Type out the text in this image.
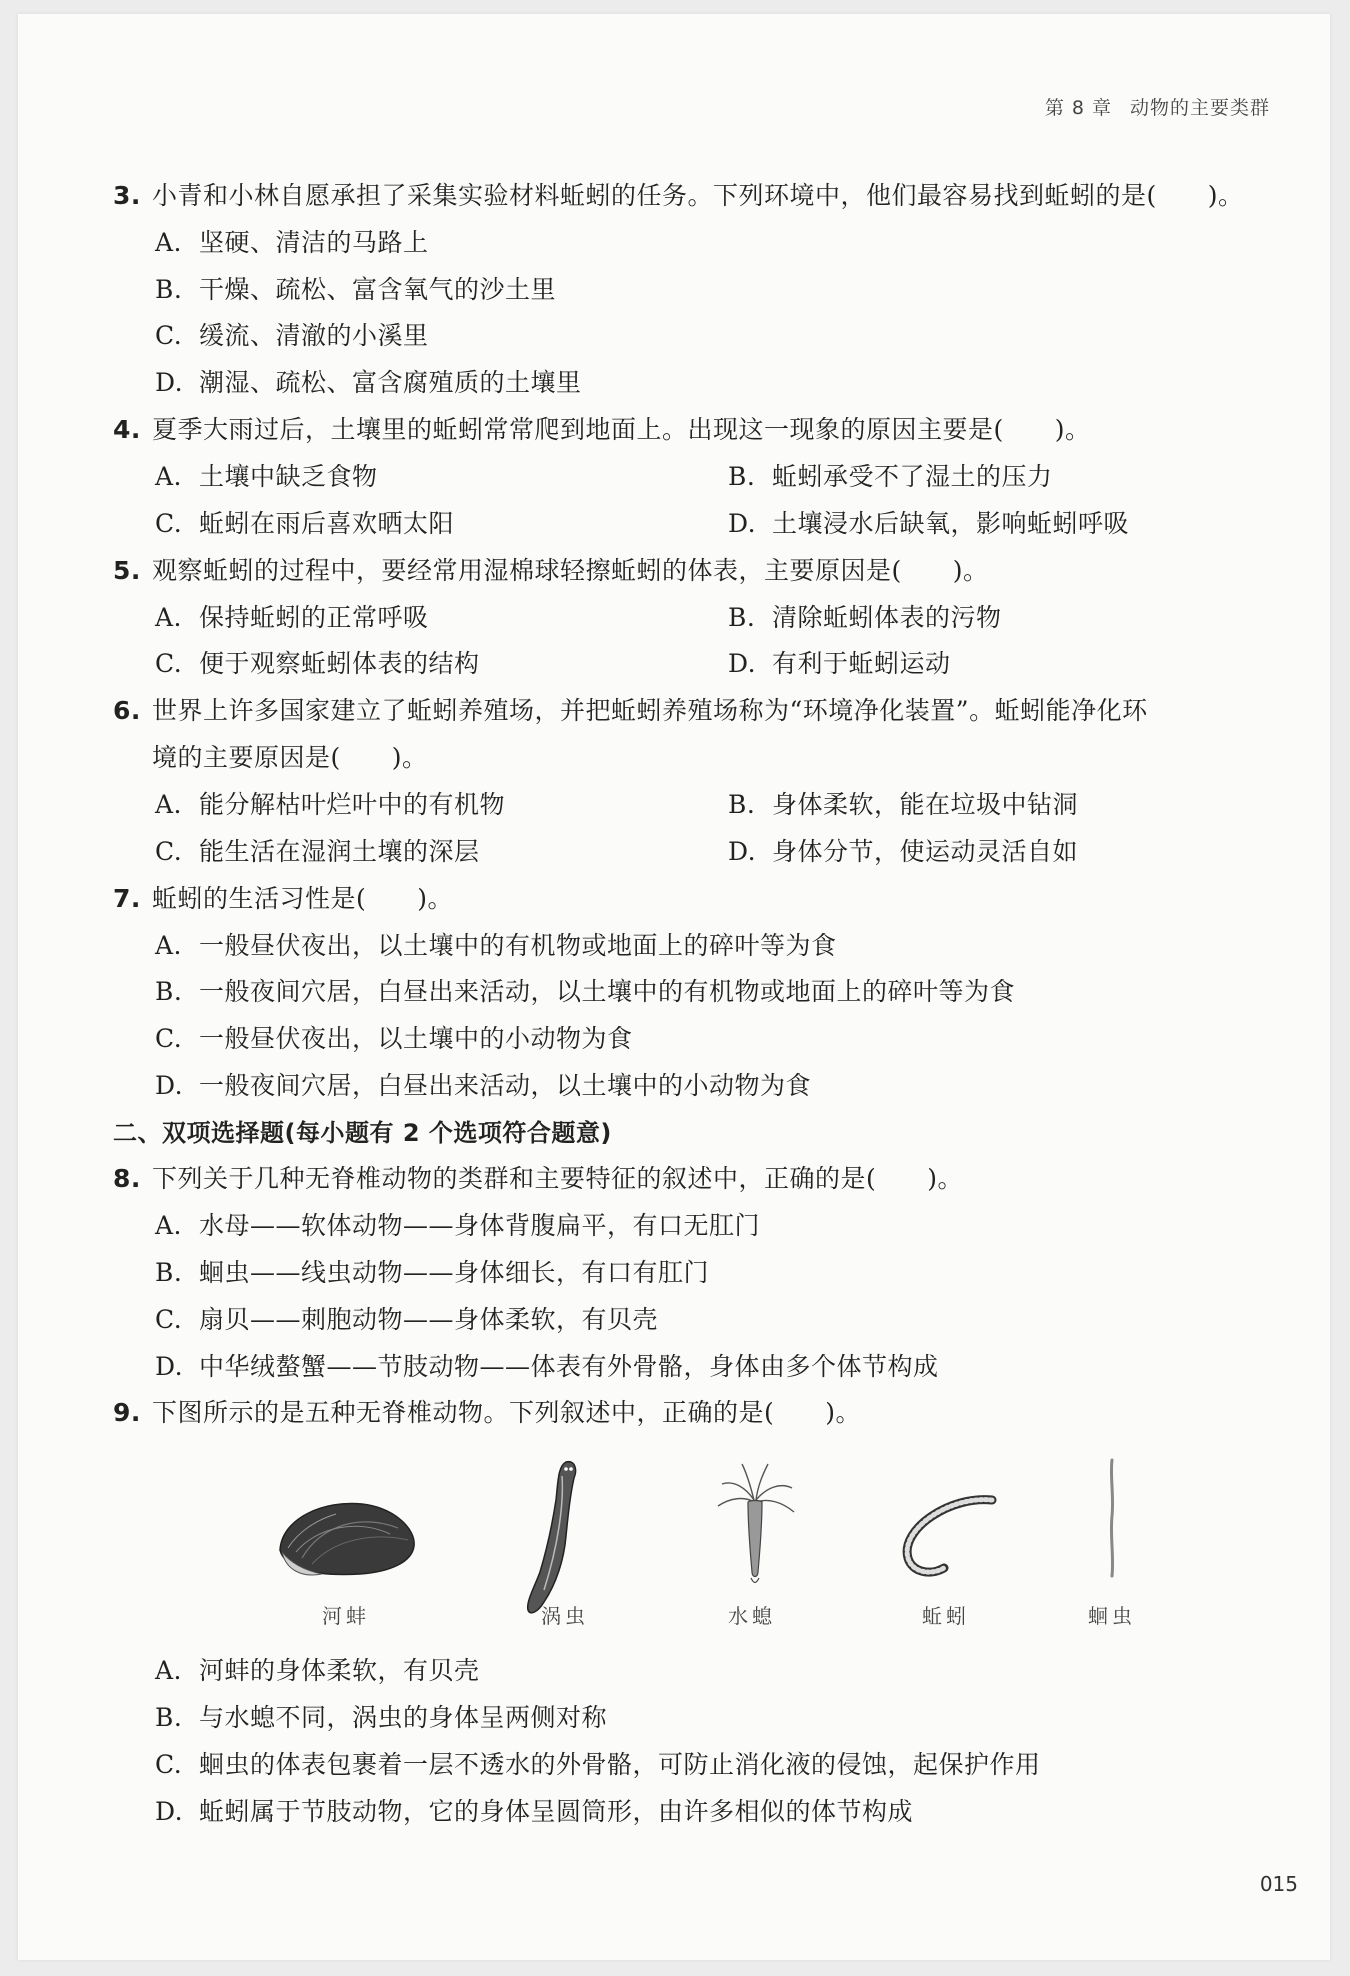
第 8 章 动物的主要类群
3. 小青和小林自愿承担了采集实验材料蚯蚓的任务。下列环境中，他们最容易找到蚯蚓的是(　　)。
A. 坚硬、清洁的马路上
B. 干燥、疏松、富含氧气的沙土里
C. 缓流、清澈的小溪里
D. 潮湿、疏松、富含腐殖质的土壤里
4. 夏季大雨过后，土壤里的蚯蚓常常爬到地面上。出现这一现象的原因主要是(　　)。
A. 土壤中缺乏食物	B. 蚯蚓承受不了湿土的压力
C. 蚯蚓在雨后喜欢晒太阳	D. 土壤浸水后缺氧，影响蚯蚓呼吸
5. 观察蚯蚓的过程中，要经常用湿棉球轻擦蚯蚓的体表，主要原因是(　　)。
A. 保持蚯蚓的正常呼吸	B. 清除蚯蚓体表的污物
C. 便于观察蚯蚓体表的结构	D. 有利于蚯蚓运动
6. 世界上许多国家建立了蚯蚓养殖场，并把蚯蚓养殖场称为“环境净化装置”。蚯蚓能净化环
境的主要原因是(　　)。
A. 能分解枯叶烂叶中的有机物	B. 身体柔软，能在垃圾中钻洞
C. 能生活在湿润土壤的深层	D. 身体分节，使运动灵活自如
7. 蚯蚓的生活习性是(　　)。
A. 一般昼伏夜出，以土壤中的有机物或地面上的碎叶等为食
B. 一般夜间穴居，白昼出来活动，以土壤中的有机物或地面上的碎叶等为食
C. 一般昼伏夜出，以土壤中的小动物为食
D. 一般夜间穴居，白昼出来活动，以土壤中的小动物为食
二、双项选择题(每小题有 2 个选项符合题意)
8. 下列关于几种无脊椎动物的类群和主要特征的叙述中，正确的是(　　)。
A. 水母——软体动物——身体背腹扁平，有口无肛门
B. 蛔虫——线虫动物——身体细长，有口有肛门
C. 扇贝——刺胞动物——身体柔软，有贝壳
D. 中华绒螯蟹——节肢动物——体表有外骨骼，身体由多个体节构成
9. 下图所示的是五种无脊椎动物。下列叙述中，正确的是(　　)。
河蚌	涡虫	水螅	蚯蚓	蛔虫
A. 河蚌的身体柔软，有贝壳
B. 与水螅不同，涡虫的身体呈两侧对称
C. 蛔虫的体表包裹着一层不透水的外骨骼，可防止消化液的侵蚀，起保护作用
D. 蚯蚓属于节肢动物，它的身体呈圆筒形，由许多相似的体节构成
015
